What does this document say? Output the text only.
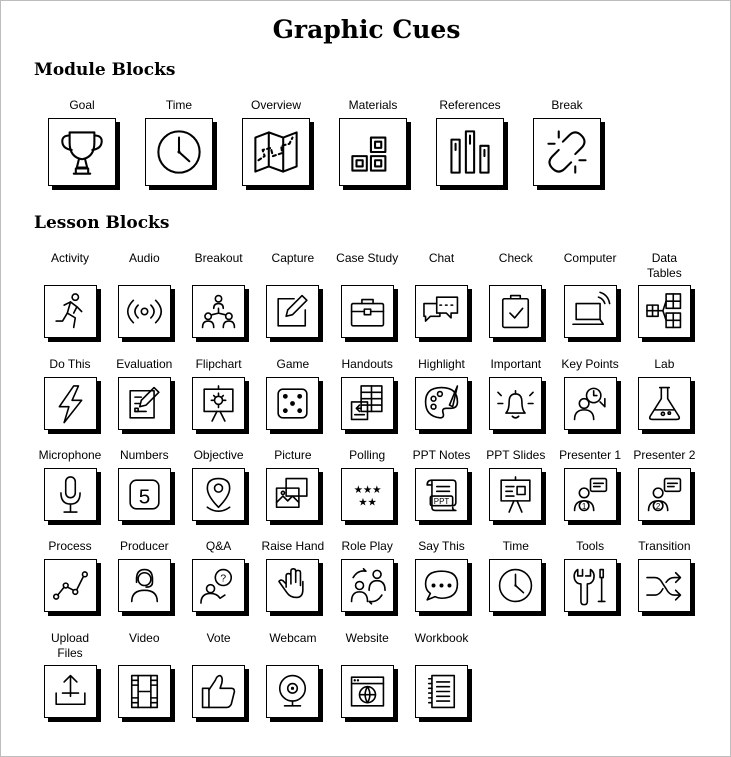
Graphic Cues
Module Blocks
Lesson Blocks
Goal	Time	Overview	Materials	References	Break
Activity	Audio	Breakout	Capture	Case Study	Chat	Check	Computer	Data
Tables
Do This	Evaluation	Flipchart	Game	Handouts	Highlight	Important	Key Points	Lab
Microphone	Numbers
5
Objective	Picture	Polling
★★★
★★
PPT Notes
PPT
PPT Slides	Presenter 1
1
Presenter 2
2
Process	Producer	Q&A
?
Raise Hand	Role Play	Say This	Time	Tools	Transition
Upload
Files
Video	Vote	Webcam	Website	Workbook
